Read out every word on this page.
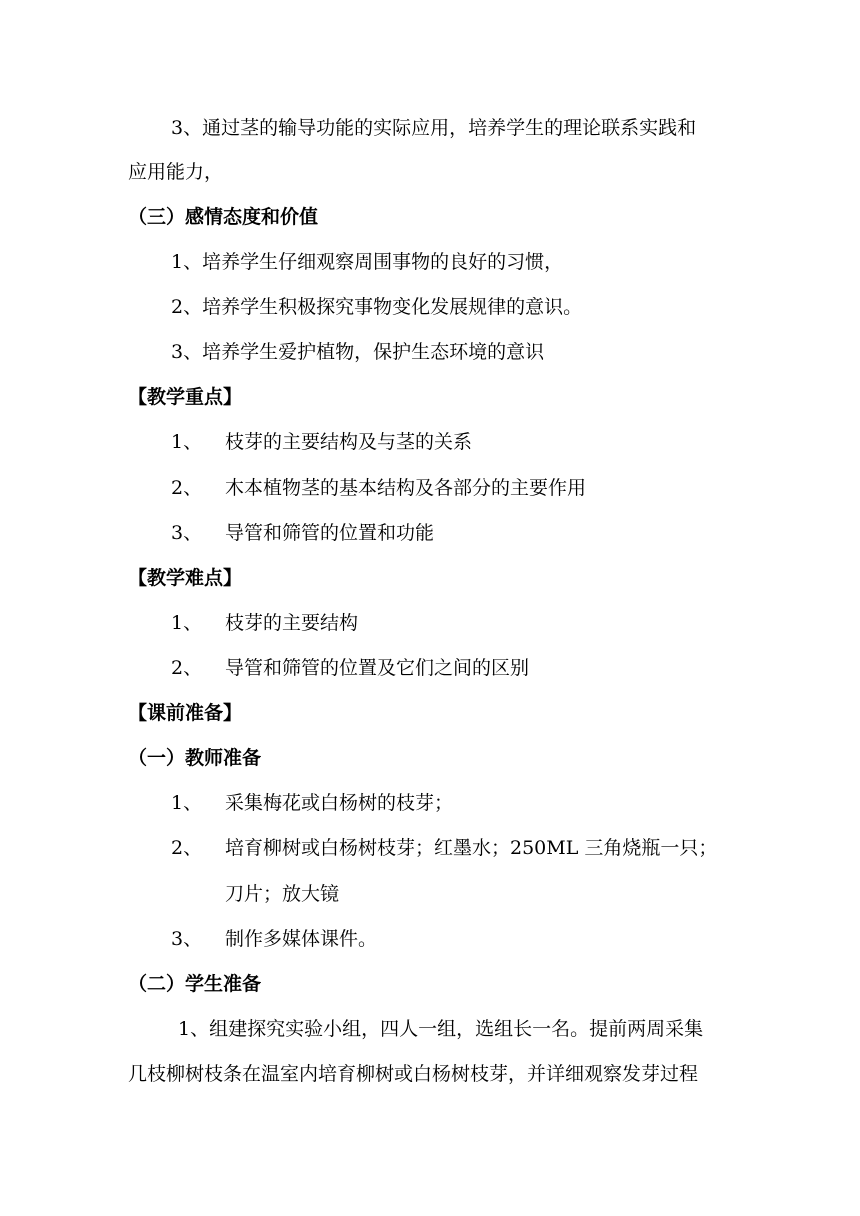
3、通过茎的输导功能的实际应用，培养学生的理论联系实践和
应用能力，
（三）感情态度和价值
1、培养学生仔细观察周围事物的良好的习惯，
2、培养学生积极探究事物变化发展规律的意识。
3、培养学生爱护植物，保护生态环境的意识
【教学重点】
1、 枝芽的主要结构及与茎的关系
2、 木本植物茎的基本结构及各部分的主要作用
3、 导管和筛管的位置和功能
【教学难点】
1、 枝芽的主要结构
2、 导管和筛管的位置及它们之间的区别
【课前准备】
（一）教师准备
1、 采集梅花或白杨树的枝芽；
2、 培育柳树或白杨树枝芽；红墨水；250ML 三角烧瓶一只；
刀片；放大镜
3、 制作多媒体课件。
（二）学生准备
1、组建探究实验小组，四人一组，选组长一名。提前两周采集
几枝柳树枝条在温室内培育柳树或白杨树枝芽，并详细观察发芽过程
